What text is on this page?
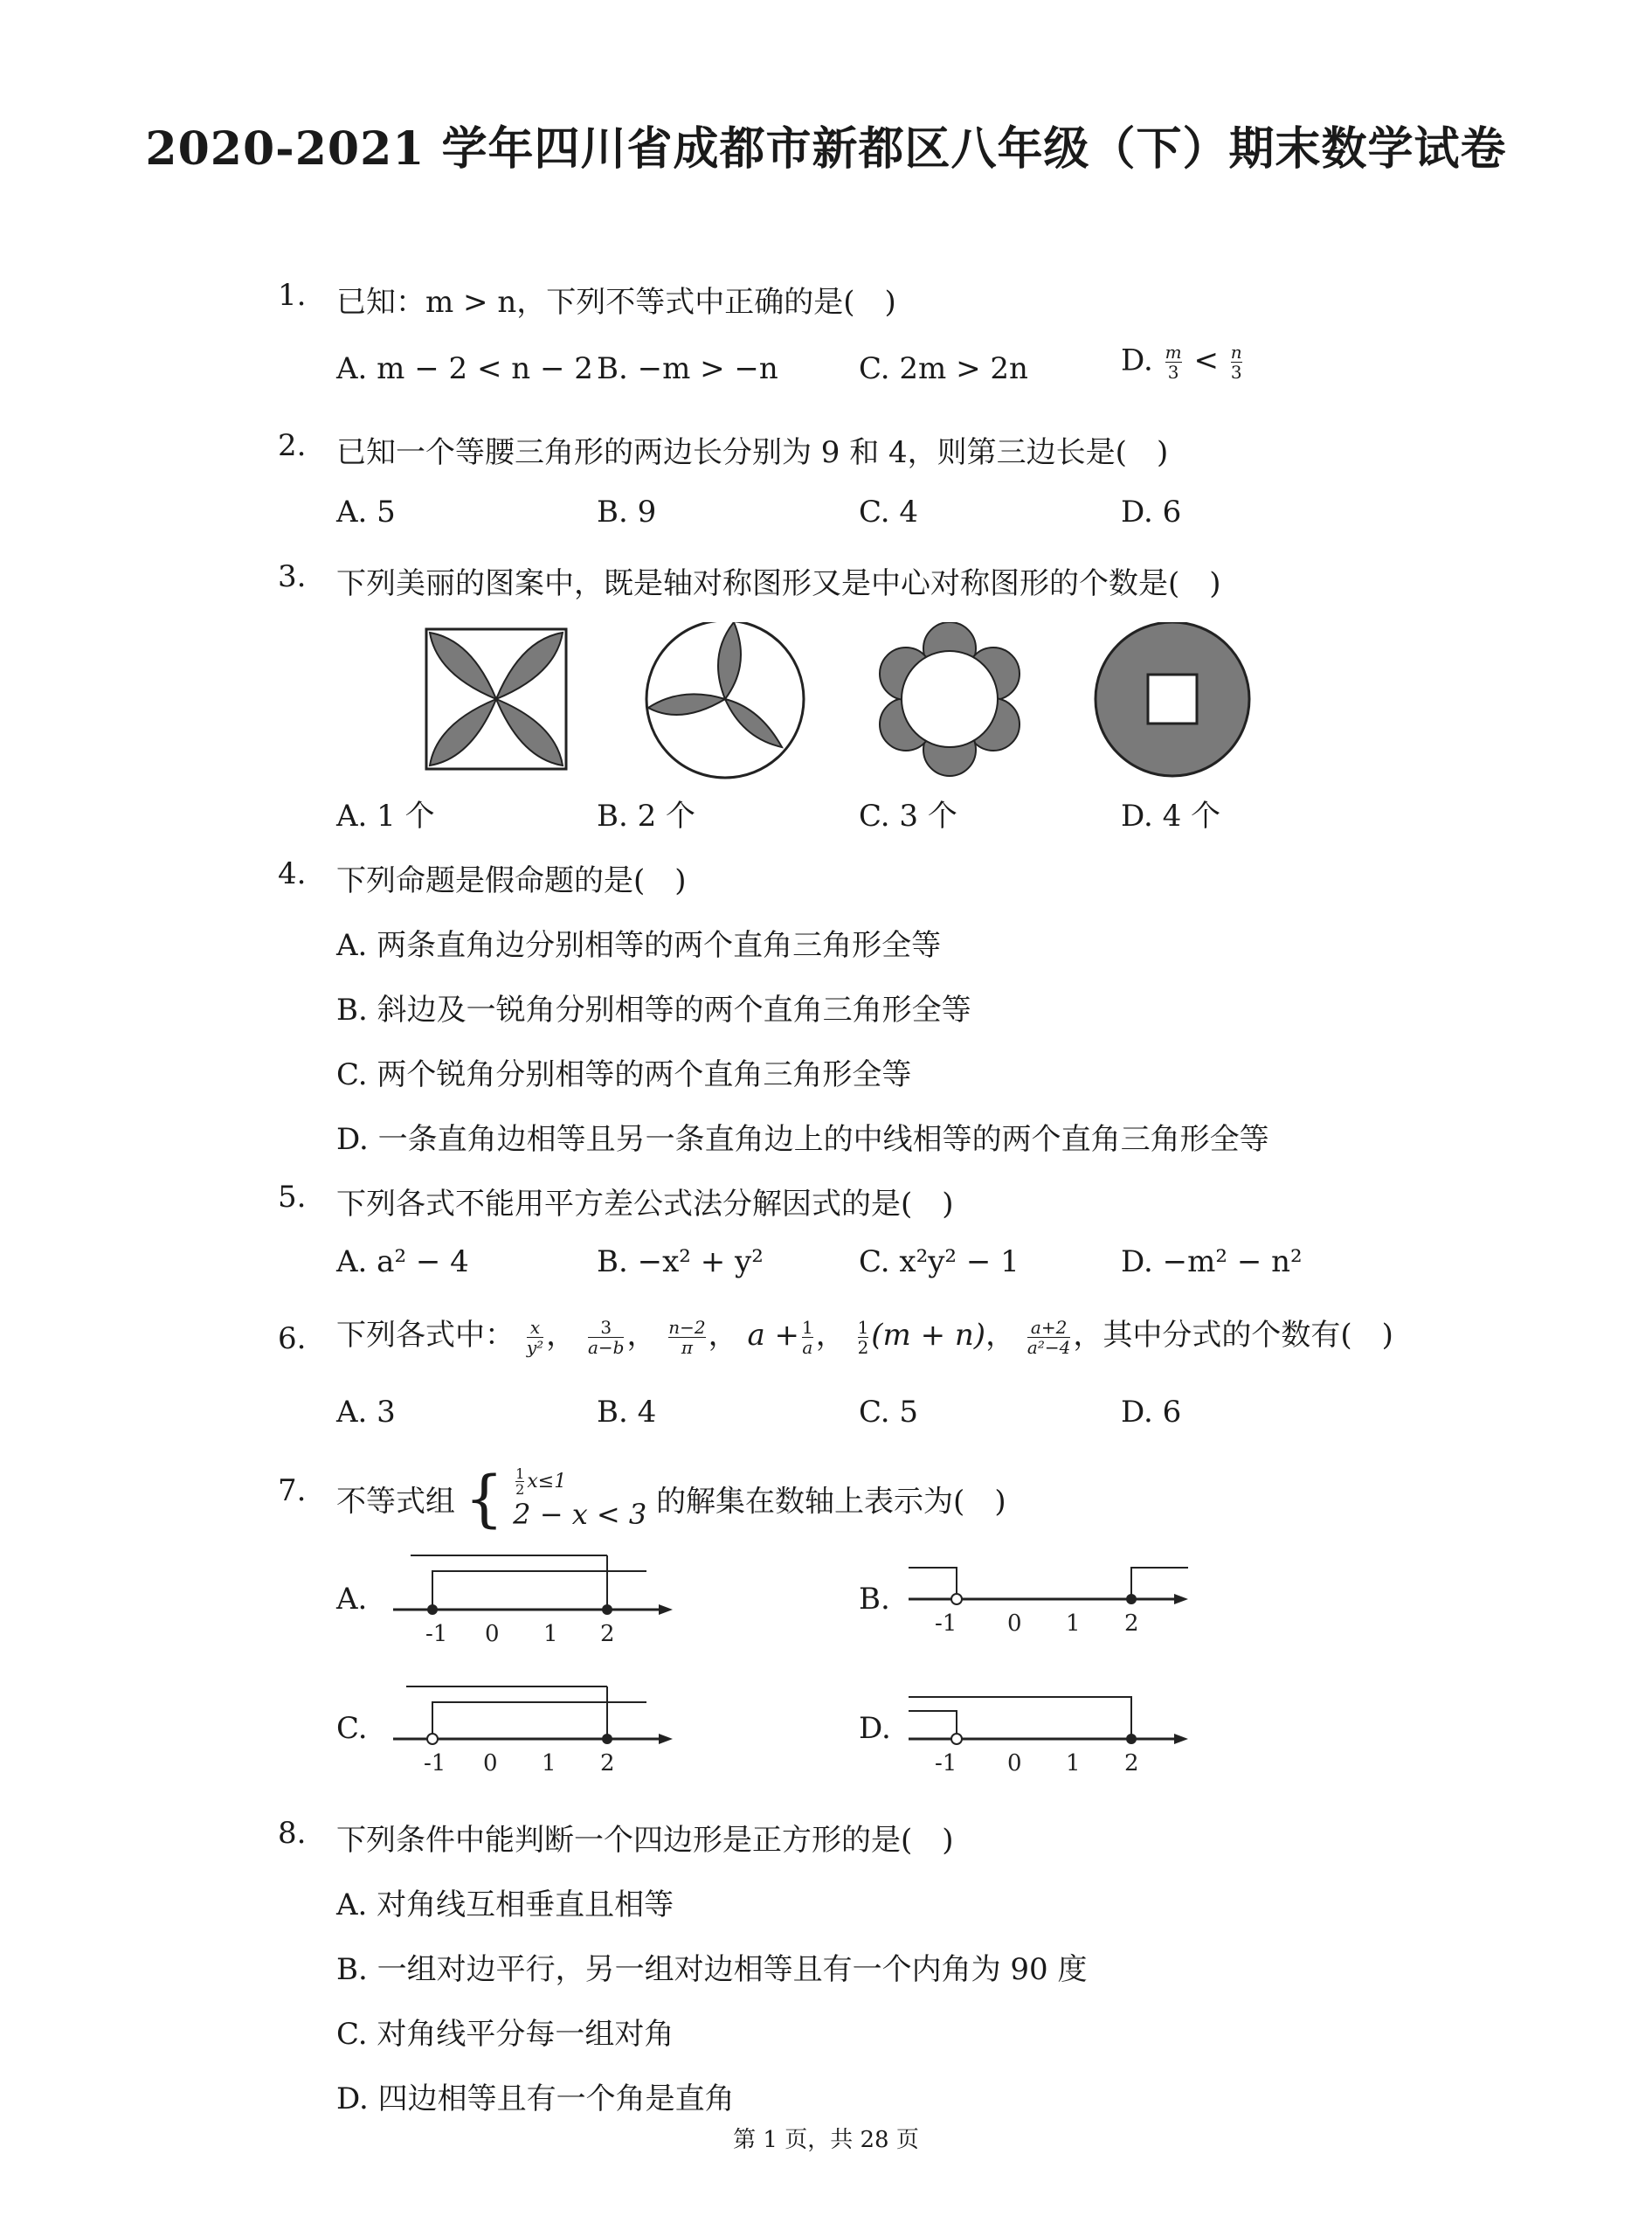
2020-2021 学年四川省成都市新都区八年级（下）期末数学试卷
1. 已知：m > n，下列不等式中正确的是(　)
A. m − 2 < n − 2 B. −m > −n	C. 2m > 2n	D. $\frac{m}{3} < \frac{n}{3}$
2. 已知一个等腰三角形的两边长分别为 9 和 4，则第三边长是(　)
A. 5	B. 9	C. 4	D. 6
3. 下列美丽的图案中，既是轴对称图形又是中心对称图形的个数是(　)
A. 1 个	B. 2 个	C. 3 个	D. 4 个
4. 下列命题是假命题的是(　)
A. 两条直角边分别相等的两个直角三角形全等
B. 斜边及一锐角分别相等的两个直角三角形全等
C. 两个锐角分别相等的两个直角三角形全等
D. 一条直角边相等且另一条直角边上的中线相等的两个直角三角形全等
5. 下列各式不能用平方差公式法分解因式的是(　)
A. a² − 4	B. −x² + y²	C. x²y² − 1	D. −m² − n²
6. 下列各式中： $\frac{x}{\text{y²}}$ ， $\frac{3}{a-b}$ ， $\frac{n-2}{\pi}$ ， $a + \frac{1}{a}$ ， $\frac{1}{2} (m + n)$， $\frac{a+2}{\text{a²−4}}$ ，其中分式的个数有(　)
A. 3	B. 4	C. 5	D. 6
7. 不等式组 { $\frac{1}{2} x\le 1$
2 − x < 3 的解集在数轴上表示为(　)
A.	B.
C.	D.
-1 0 1 2	-1 0 1 2
-1 0 1 2	-1 0 1 2
8. 下列条件中能判断一个四边形是正方形的是(　)
A. 对角线互相垂直且相等
B. 一组对边平行，另一组对边相等且有一个内角为 90 度
C. 对角线平分每一组对角
D. 四边相等且有一个角是直角
第 1 页，共 28 页
